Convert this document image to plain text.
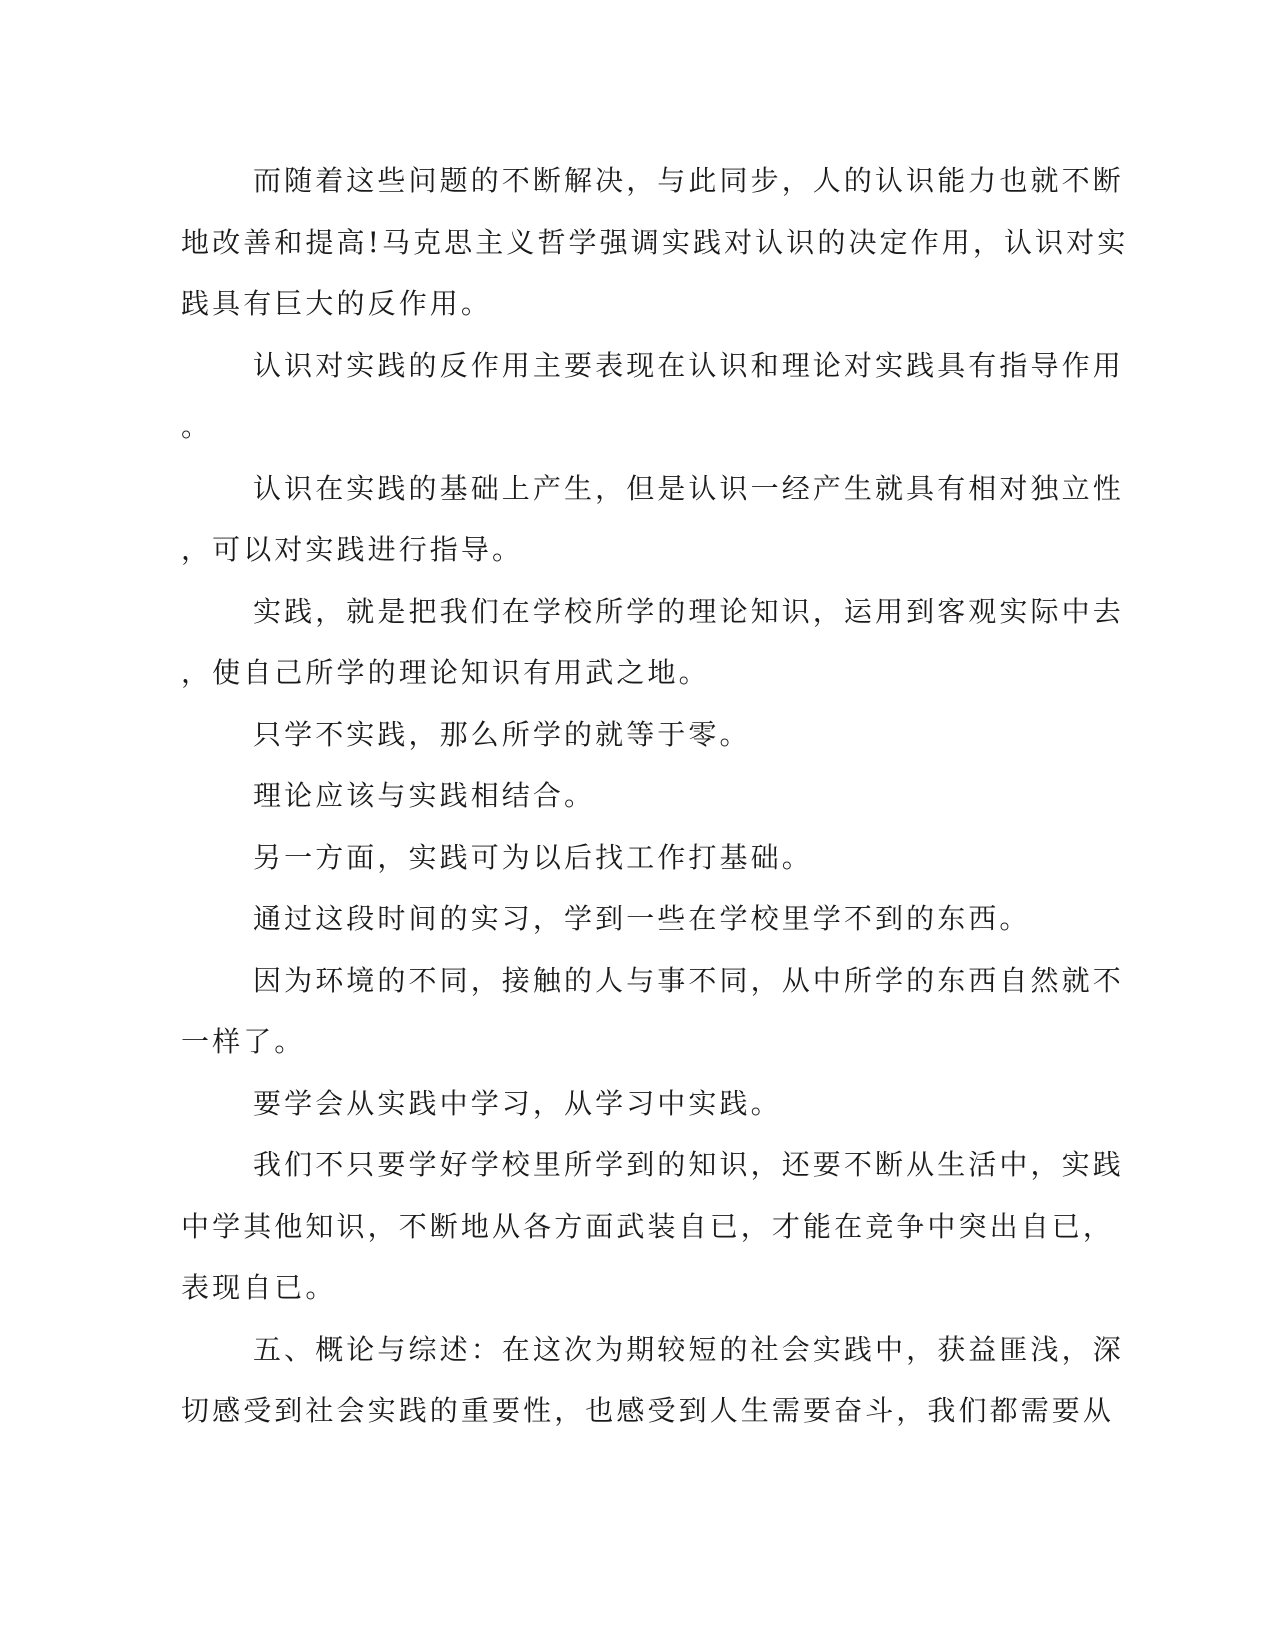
而随着这些问题的不断解决，与此同步，人的认识能力也就不断
地改善和提高!马克思主义哲学强调实践对认识的决定作用，认识对实
践具有巨大的反作用。

认识对实践的反作用主要表现在认识和理论对实践具有指导作用
。

认识在实践的基础上产生，但是认识一经产生就具有相对独立性
，可以对实践进行指导。

实践，就是把我们在学校所学的理论知识，运用到客观实际中去
，使自己所学的理论知识有用武之地。

只学不实践，那么所学的就等于零。

理论应该与实践相结合。

另一方面，实践可为以后找工作打基础。

通过这段时间的实习，学到一些在学校里学不到的东西。

因为环境的不同，接触的人与事不同，从中所学的东西自然就不
一样了。

要学会从实践中学习，从学习中实践。

我们不只要学好学校里所学到的知识，还要不断从生活中，实践
中学其他知识，不断地从各方面武装自已，才能在竞争中突出自已，
表现自已。

五、概论与综述：在这次为期较短的社会实践中，获益匪浅，深
切感受到社会实践的重要性，也感受到人生需要奋斗，我们都需要从
